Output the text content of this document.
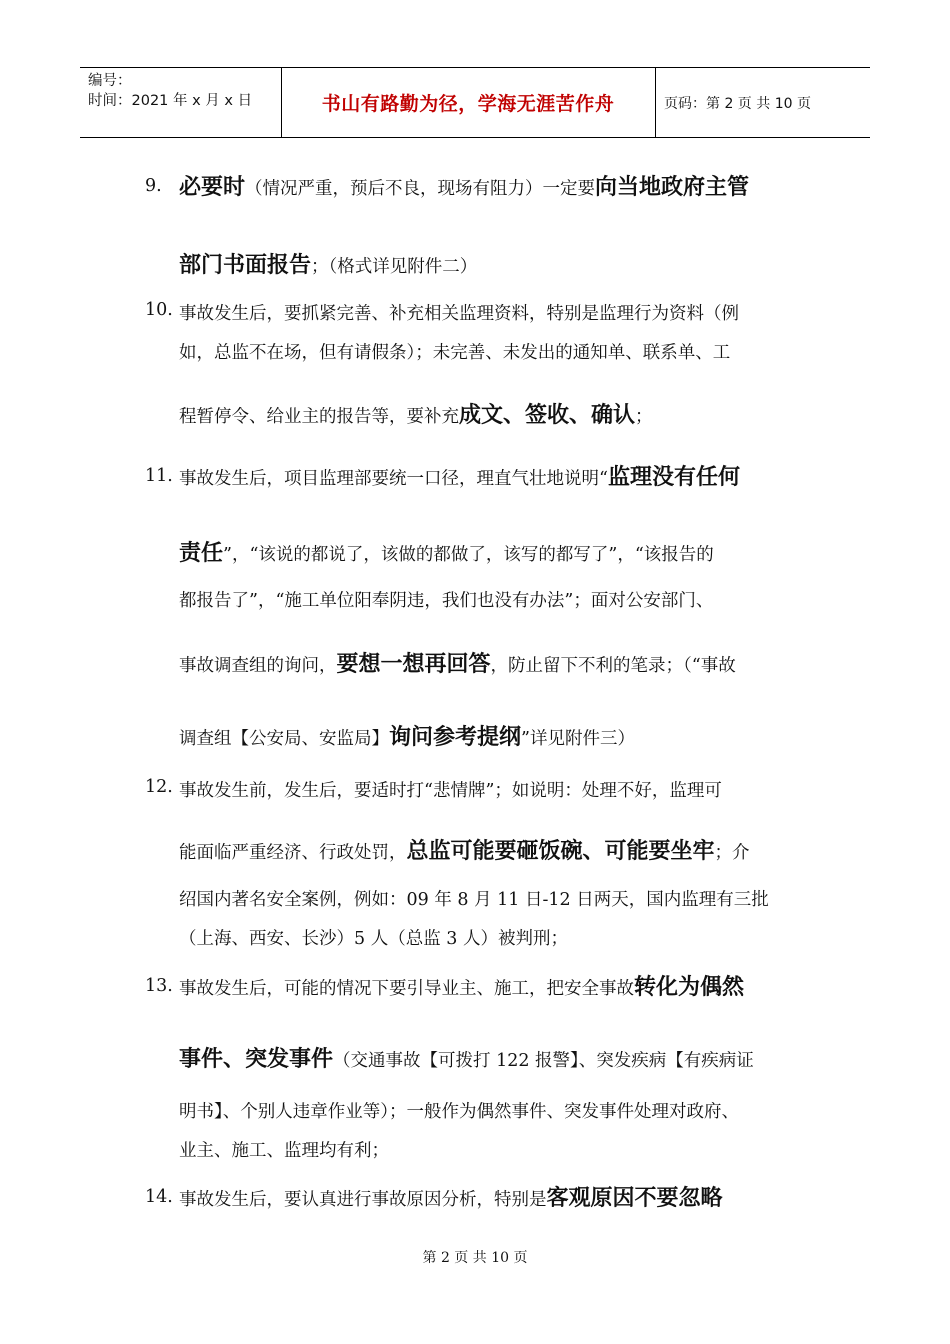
编号：
时间：2021 年 x 月 x 日	书山有路勤为径，学海无涯苦作舟	页码：第 2 页 共 10 页
9. 必要时（情况严重，预后不良，现场有阻力）一定要向当地政府主管
部门书面报告；（格式详见附件二）
10. 事故发生后，要抓紧完善、补充相关监理资料，特别是监理行为资料（例
如，总监不在场，但有请假条）；未完善、未发出的通知单、联系单、工
程暂停令、给业主的报告等，要补充成文、签收、确认；
11. 事故发生后，项目监理部要统一口径，理直气壮地说明“监理没有任何
责任”，“该说的都说了，该做的都做了，该写的都写了”，“该报告的
都报告了”，“施工单位阳奉阴违，我们也没有办法”；面对公安部门、
事故调查组的询问，要想一想再回答，防止留下不利的笔录；（“事故
调查组【公安局、安监局】询问参考提纲”详见附件三）
12. 事故发生前，发生后，要适时打“悲情牌”；如说明：处理不好，监理可
能面临严重经济、行政处罚，总监可能要砸饭碗、可能要坐牢；介
绍国内著名安全案例，例如：09 年 8 月 11 日-12 日两天，国内监理有三批
（上海、西安、长沙）5 人（总监 3 人）被判刑；
13. 事故发生后，可能的情况下要引导业主、施工，把安全事故转化为偶然
事件、突发事件（交通事故【可拨打 122 报警】、突发疾病【有疾病证
明书】、个别人违章作业等）；一般作为偶然事件、突发事件处理对政府、
业主、施工、监理均有利；
14. 事故发生后，要认真进行事故原因分析，特别是客观原因不要忽略
第 2 页 共 10 页
